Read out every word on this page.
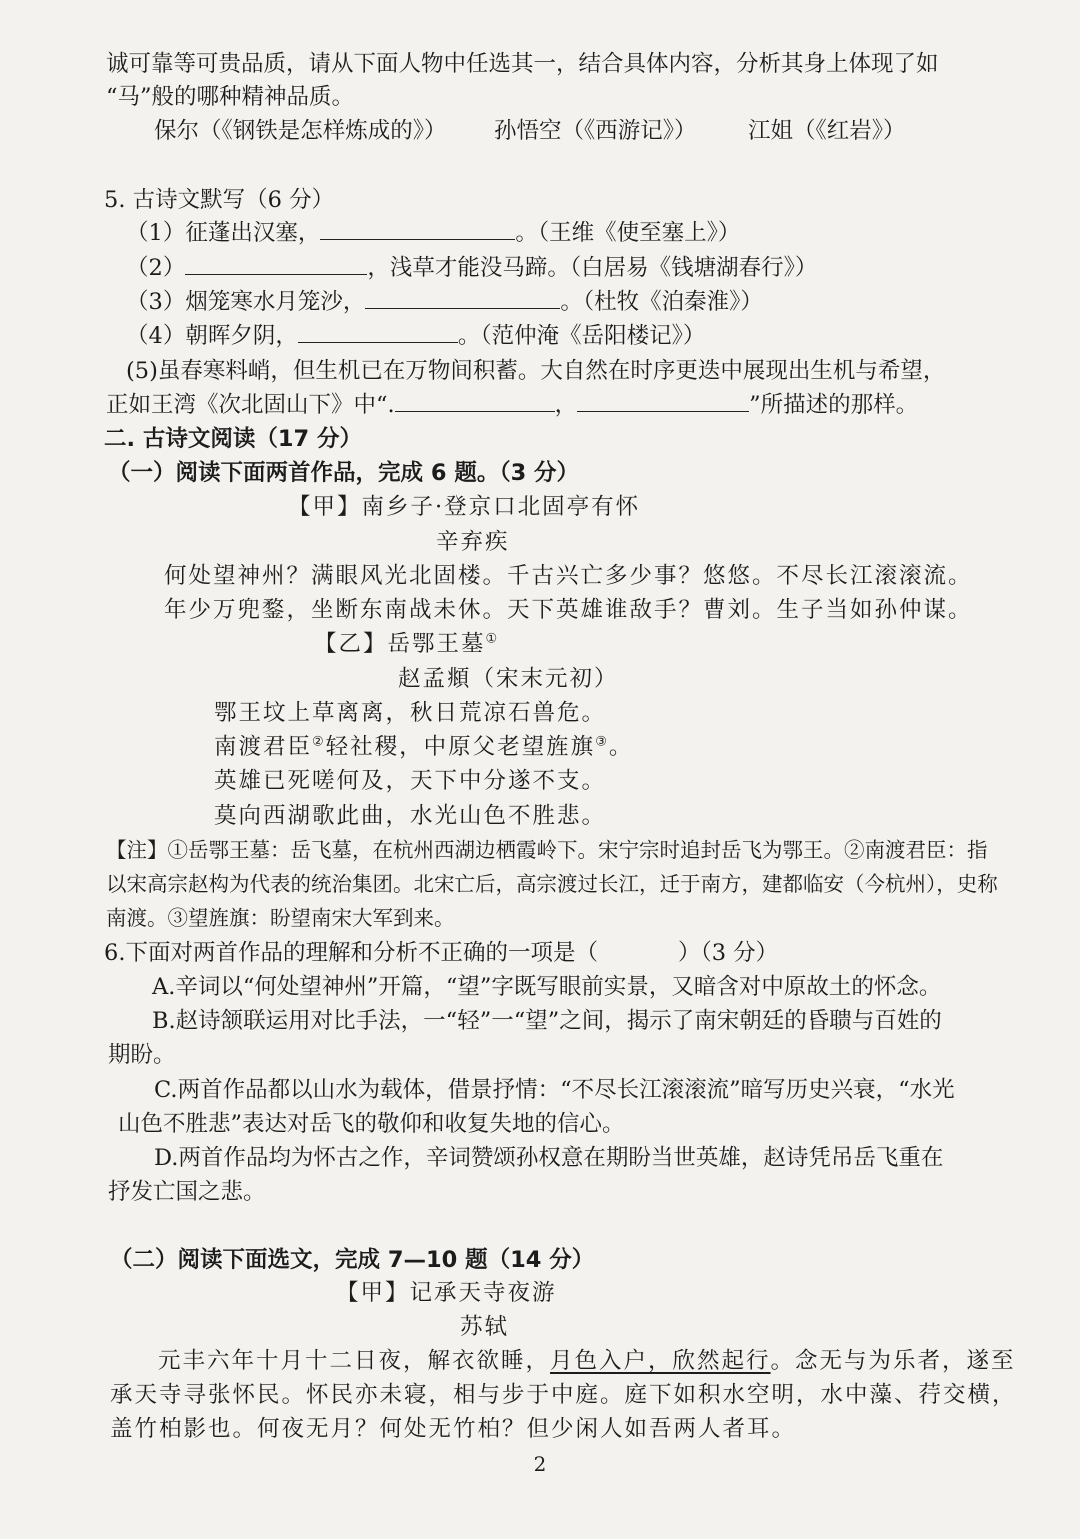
诚可靠等可贵品质，请从下面人物中任选其一，结合具体内容，分析其身上体现了如
“马”般的哪种精神品质。
保尔（《钢铁是怎样炼成的》） 孙悟空（《西游记》） 江姐（《红岩》）
5. 古诗文默写（6 分）
（1）征蓬出汉塞，	。（王维《使至塞上》）
（2）	，浅草才能没马蹄。（白居易《钱塘湖春行》）
（3）烟笼寒水月笼沙，	。（杜牧《泊秦淮》）
（4）朝晖夕阴，	。（范仲淹《岳阳楼记》）
(5)虽春寒料峭，但生机已在万物间积蓄。大自然在时序更迭中展现出生机与希望，
正如王湾《次北固山下》中“.	，	”所描述的那样。
二. 古诗文阅读（17 分）
（一）阅读下面两首作品，完成 6 题。（3 分）
【甲】南乡子·登京口北固亭有怀
辛弃疾
何处望神州？满眼风光北固楼。千古兴亡多少事？悠悠。不尽长江滚滚流。
年少万兜鍪，坐断东南战未休。天下英雄谁敌手？曹刘。生子当如孙仲谋。
【乙】岳鄂王墓①
赵孟頫（宋末元初）
鄂王坟上草离离，秋日荒凉石兽危。
南渡君臣②轻社稷，中原父老望旌旗③。
英雄已死嗟何及，天下中分遂不支。
莫向西湖歌此曲，水光山色不胜悲。
【注】①岳鄂王墓：岳飞墓，在杭州西湖边栖霞岭下。宋宁宗时追封岳飞为鄂王。②南渡君臣：指
以宋高宗赵构为代表的统治集团。北宋亡后，高宗渡过长江，迁于南方，建都临安（今杭州），史称
南渡。③望旌旗：盼望南宋大军到来。
6.下面对两首作品的理解和分析不正确的一项是（	）（3 分）
A.辛词以“何处望神州”开篇，“望”字既写眼前实景，又暗含对中原故土的怀念。
B.赵诗颔联运用对比手法，一“轻”一“望”之间，揭示了南宋朝廷的昏聩与百姓的
期盼。
C.两首作品都以山水为载体，借景抒情：“不尽长江滚滚流”暗写历史兴衰，“水光
山色不胜悲”表达对岳飞的敬仰和收复失地的信心。
D.两首作品均为怀古之作，辛词赞颂孙权意在期盼当世英雄，赵诗凭吊岳飞重在
抒发亡国之悲。
（二）阅读下面选文，完成 7—10 题（14 分）
【甲】记承天寺夜游
苏轼
元丰六年十月十二日夜，解衣欲睡，月色入户，欣然起行。念无与为乐者，遂至
承天寺寻张怀民。怀民亦未寝，相与步于中庭。庭下如积水空明，水中藻、荇交横，
盖竹柏影也。何夜无月？何处无竹柏？但少闲人如吾两人者耳。
2
